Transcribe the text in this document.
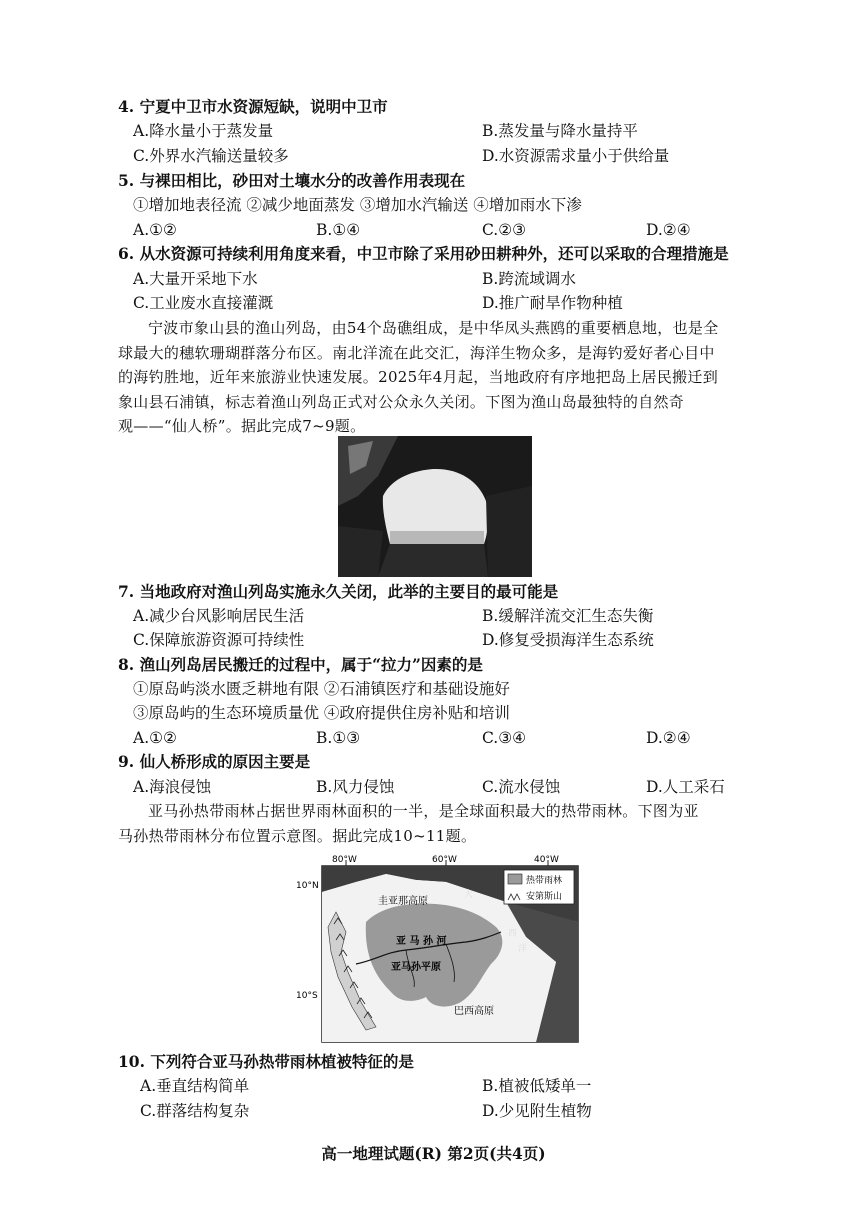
4. 宁夏中卫市水资源短缺，说明中卫市
A.降水量小于蒸发量	B.蒸发量与降水量持平
C.外界水汽输送量较多	D.水资源需求量小于供给量
5. 与裸田相比，砂田对土壤水分的改善作用表现在
①增加地表径流 ②减少地面蒸发 ③增加水汽输送 ④增加雨水下渗
A.①②	B.①④	C.②③	D.②④
6. 从水资源可持续利用角度来看，中卫市除了采用砂田耕种外，还可以采取的合理措施是
A.大量开采地下水	B.跨流域调水
C.工业废水直接灌溉	D.推广耐旱作物种植
宁波市象山县的渔山列岛，由54个岛礁组成，是中华凤头燕鸥的重要栖息地，也是全
球最大的穗软珊瑚群落分布区。南北洋流在此交汇，海洋生物众多，是海钓爱好者心目中
的海钓胜地，近年来旅游业快速发展。2025年4月起，当地政府有序地把岛上居民搬迁到
象山县石浦镇，标志着渔山列岛正式对公众永久关闭。下图为渔山岛最独特的自然奇
观——“仙人桥”。据此完成7~9题。
7. 当地政府对渔山列岛实施永久关闭，此举的主要目的最可能是
A.减少台风影响居民生活	B.缓解洋流交汇生态失衡
C.保障旅游资源可持续性	D.修复受损海洋生态系统
8. 渔山列岛居民搬迁的过程中，属于“拉力”因素的是
①原岛屿淡水匮乏耕地有限 ②石浦镇医疗和基础设施好
③原岛屿的生态环境质量优 ④政府提供住房补贴和培训
A.①②	B.①③	C.③④	D.②④
9. 仙人桥形成的原因主要是
A.海浪侵蚀	B.风力侵蚀	C.流水侵蚀	D.人工采石
亚马孙热带雨林占据世界雨林面积的一半，是全球面积最大的热带雨林。下图为亚
马孙热带雨林分布位置示意图。据此完成10~11题。
热带雨林
安第斯山
80°W	60°W	40°W
10°N
10°S
圭亚那高原
亚 马 孙 河
亚马孙平原
巴西高原
大
西
洋
10. 下列符合亚马孙热带雨林植被特征的是
A.垂直结构简单	B.植被低矮单一
C.群落结构复杂	D.少见附生植物
高一地理试题(R) 第2页(共4页)
